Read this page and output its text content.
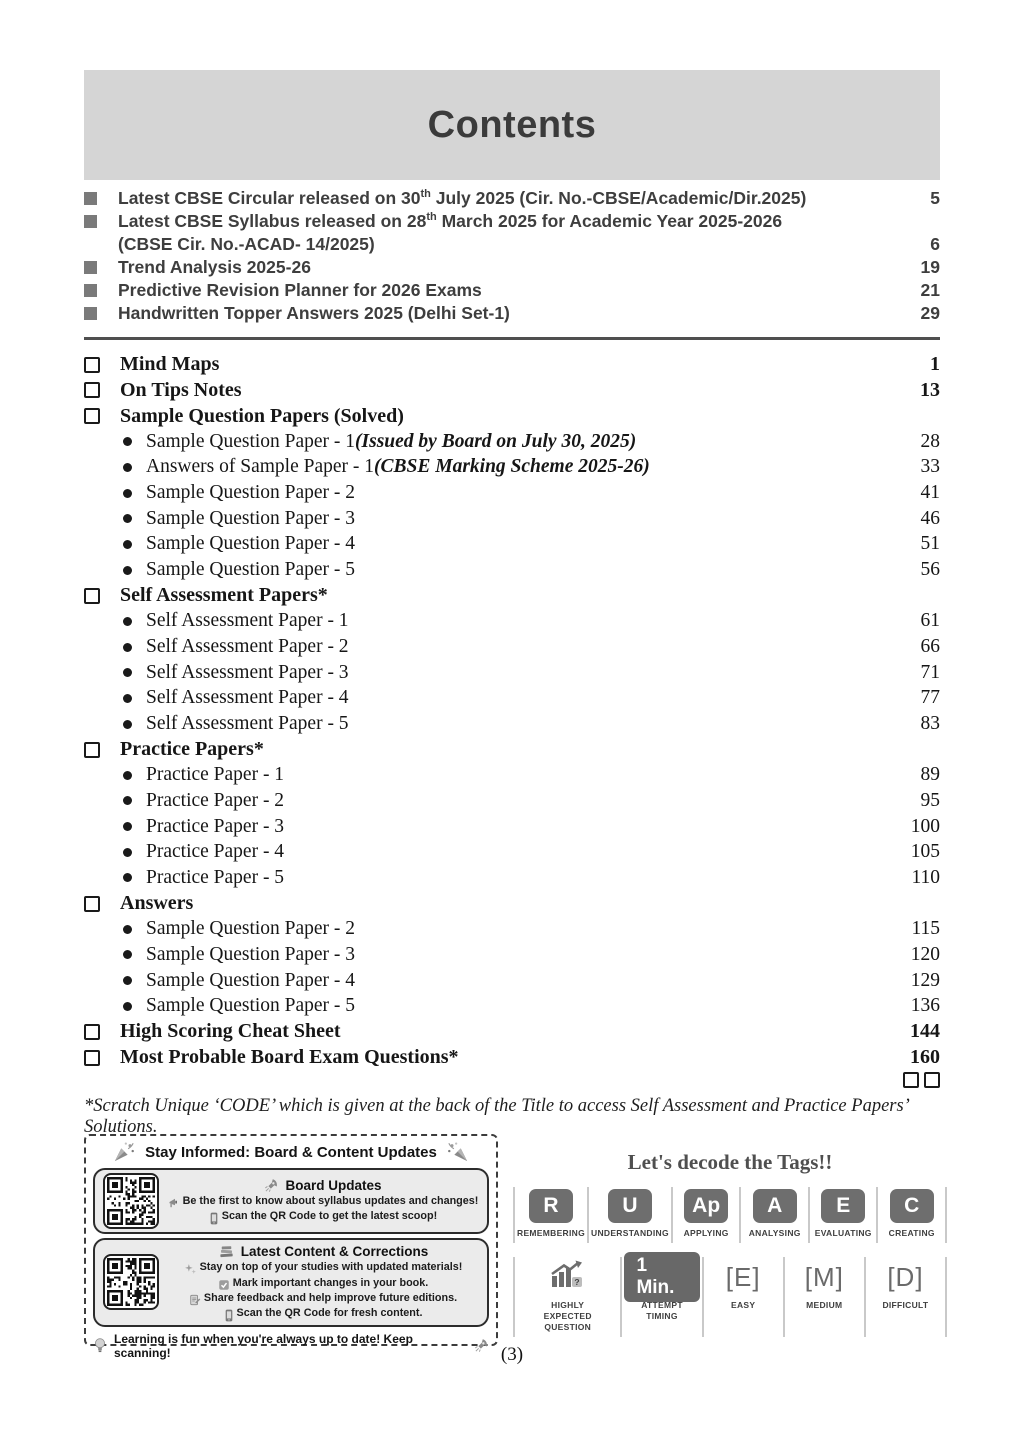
Contents
Latest CBSE Circular released on 30th July 2025 (Cir. No.-CBSE/Academic/Dir.2025)	5
Latest CBSE Syllabus released on 28th March 2025 for Academic Year 2025-2026
(CBSE Cir. No.-ACAD- 14/2025)	6
Trend Analysis 2025-26	19
Predictive Revision Planner for 2026 Exams	21
Handwritten Topper Answers 2025 (Delhi Set-1)	29
Mind Maps	1
On Tips Notes	13
Sample Question Papers (Solved)
Sample Question Paper - 1 (Issued by Board on July 30, 2025)	28
Answers of Sample Paper - 1 (CBSE Marking Scheme 2025-26)	33
Sample Question Paper - 2	41
Sample Question Paper - 3	46
Sample Question Paper - 4	51
Sample Question Paper - 5	56
Self Assessment Papers*
Self Assessment Paper - 1	61
Self Assessment Paper - 2	66
Self Assessment Paper - 3	71
Self Assessment Paper - 4	77
Self Assessment Paper - 5	83
Practice Papers*
Practice Paper - 1	89
Practice Paper - 2	95
Practice Paper - 3	100
Practice Paper - 4	105
Practice Paper - 5	110
Answers
Sample Question Paper - 2	115
Sample Question Paper - 3	120
Sample Question Paper - 4	129
Sample Question Paper - 5	136
High Scoring Cheat Sheet	144
Most Probable Board Exam Questions*	160
*Scratch Unique ‘CODE’ which is given at the back of the Title to access Self Assessment and Practice Papers’ Solutions.
Stay Informed: Board & Content Updates
Board Updates
Be the first to know about syllabus updates and changes!
Scan the QR Code to get the latest scoop!
Latest Content & Corrections
Stay on top of your studies with updated materials!
Mark important changes in your book.
Share feedback and help improve future editions.
Scan the QR Code for fresh content.
Learning is fun when you're always up to date! Keep scanning!
Let's decode the Tags!!
R
REMEMBERING
U
UNDERSTANDING
Ap
APPLYING
A
ANALYSING
E
EVALUATING
C
CREATING
?
HIGHLY EXPECTED QUESTION
1 Min.
ATTEMPT TIMING
[E]
EASY
[M]
MEDIUM
[D]
DIFFICULT
(3)
